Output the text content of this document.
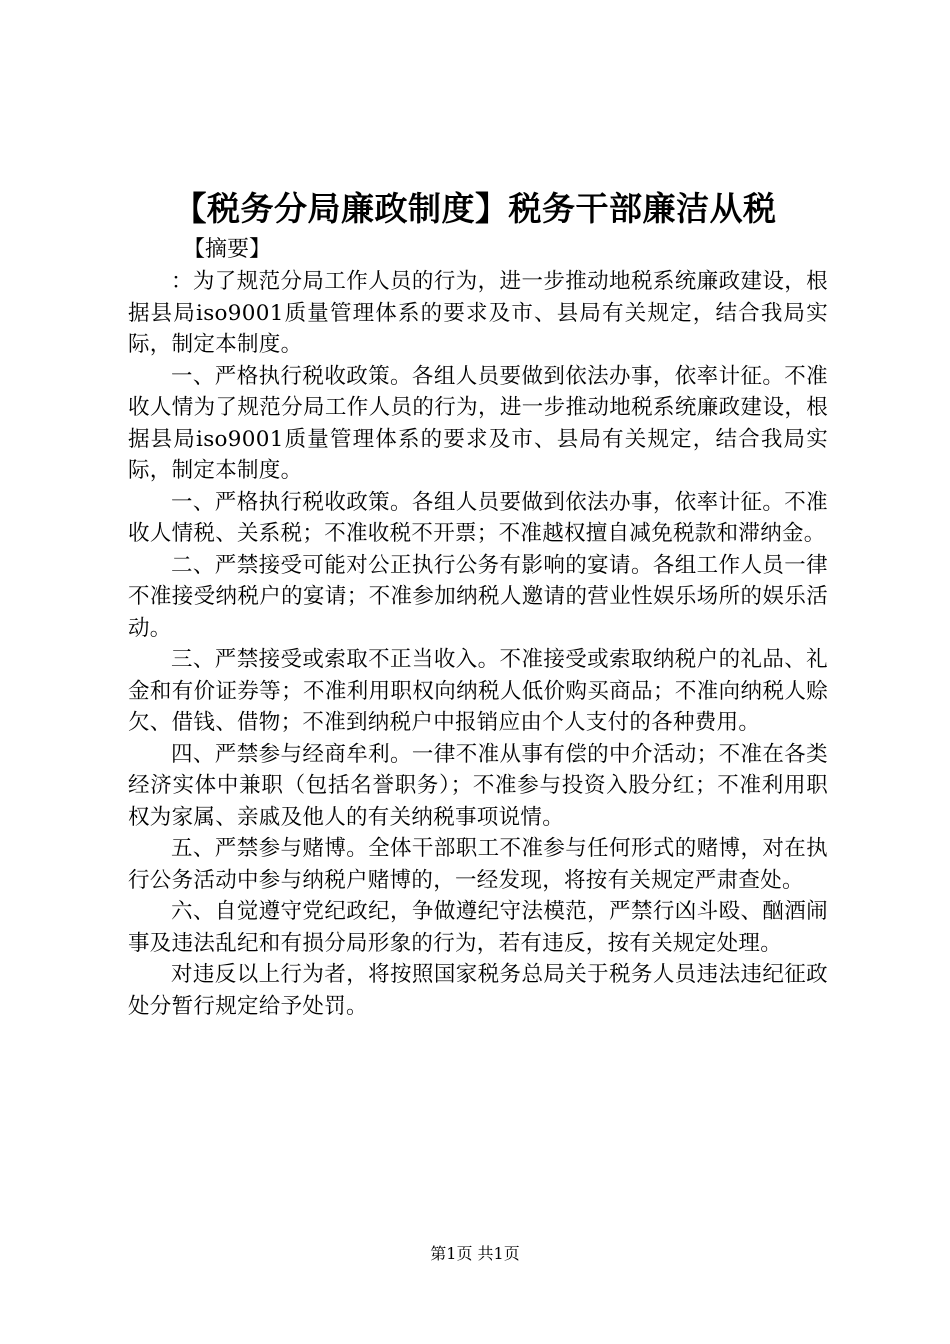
【税务分局廉政制度】税务干部廉洁从税
【摘要】

：为了规范分局工作人员的行为，进一步推动地税系统廉政建设，根据县局iso9001质量管理体系的要求及市、县局有关规定，结合我局实际，制定本制度。

一、严格执行税收政策。各组人员要做到依法办事，依率计征。不准收人情为了规范分局工作人员的行为，进一步推动地税系统廉政建设，根据县局iso9001质量管理体系的要求及市、县局有关规定，结合我局实际，制定本制度。

一、严格执行税收政策。各组人员要做到依法办事，依率计征。不准收人情税、关系税；不准收税不开票；不准越权擅自减免税款和滞纳金。

二、严禁接受可能对公正执行公务有影响的宴请。各组工作人员一律不准接受纳税户的宴请；不准参加纳税人邀请的营业性娱乐场所的娱乐活动。

三、严禁接受或索取不正当收入。不准接受或索取纳税户的礼品、礼金和有价证券等；不准利用职权向纳税人低价购买商品；不准向纳税人赊欠、借钱、借物；不准到纳税户中报销应由个人支付的各种费用。

四、严禁参与经商牟利。一律不准从事有偿的中介活动；不准在各类经济实体中兼职（包括名誉职务）；不准参与投资入股分红；不准利用职权为家属、亲戚及他人的有关纳税事项说情。

五、严禁参与赌博。全体干部职工不准参与任何形式的赌博，对在执行公务活动中参与纳税户赌博的，一经发现，将按有关规定严肃查处。

六、自觉遵守党纪政纪，争做遵纪守法模范，严禁行凶斗殴、酗酒闹事及违法乱纪和有损分局形象的行为，若有违反，按有关规定处理。

对违反以上行为者，将按照国家税务总局关于税务人员违法违纪征政处分暂行规定给予处罚。

第1页 共1页
